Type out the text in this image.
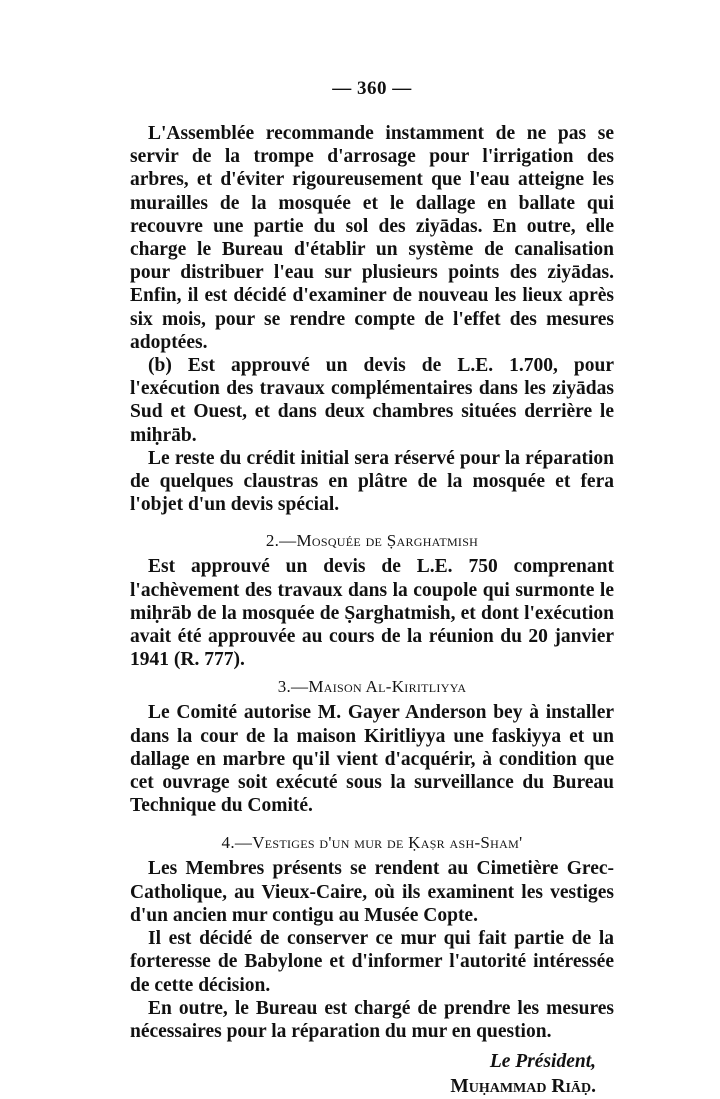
— 360 —

L'Assemblée recommande instamment de ne pas se servir de la trompe d'arrosage pour l'irrigation des arbres, et d'éviter rigoureusement que l'eau atteigne les murailles de la mosquée et le dallage en ballate qui recouvre une partie du sol des ziyādas. En outre, elle charge le Bureau d'établir un système de canalisation pour distribuer l'eau sur plusieurs points des ziyādas. Enfin, il est décidé d'examiner de nouveau les lieux après six mois, pour se rendre compte de l'effet des mesures adoptées.

(b) Est approuvé un devis de L.E. 1.700, pour l'exécution des travaux complémentaires dans les ziyādas Sud et Ouest, et dans deux chambres situées derrière le miḥrāb.

Le reste du crédit initial sera réservé pour la réparation de quelques claustras en plâtre de la mosquée et fera l'objet d'un devis spécial.

2.—Mosquée de Ṣarghatmish

Est approuvé un devis de L.E. 750 comprenant l'achèvement des travaux dans la coupole qui surmonte le miḥrāb de la mosquée de Ṣarghatmish, et dont l'exécution avait été approuvée au cours de la réunion du 20 janvier 1941 (R. 777).

3.—Maison Al-Kiritliyya

Le Comité autorise M. Gayer Anderson bey à installer dans la cour de la maison Kiritliyya une faskiyya et un dallage en marbre qu'il vient d'acquérir, à condition que cet ouvrage soit exécuté sous la surveillance du Bureau Technique du Comité.

4.—Vestiges d'un mur de Ḳaṣr ash-Sham'

Les Membres présents se rendent au Cimetière Grec-Catholique, au Vieux-Caire, où ils examinent les vestiges d'un ancien mur contigu au Musée Copte.

Il est décidé de conserver ce mur qui fait partie de la forteresse de Babylone et d'informer l'autorité intéressée de cette décision.

En outre, le Bureau est chargé de prendre les mesures nécessaires pour la réparation du mur en question.

Le Président,
Muḥammad Riāḍ.
